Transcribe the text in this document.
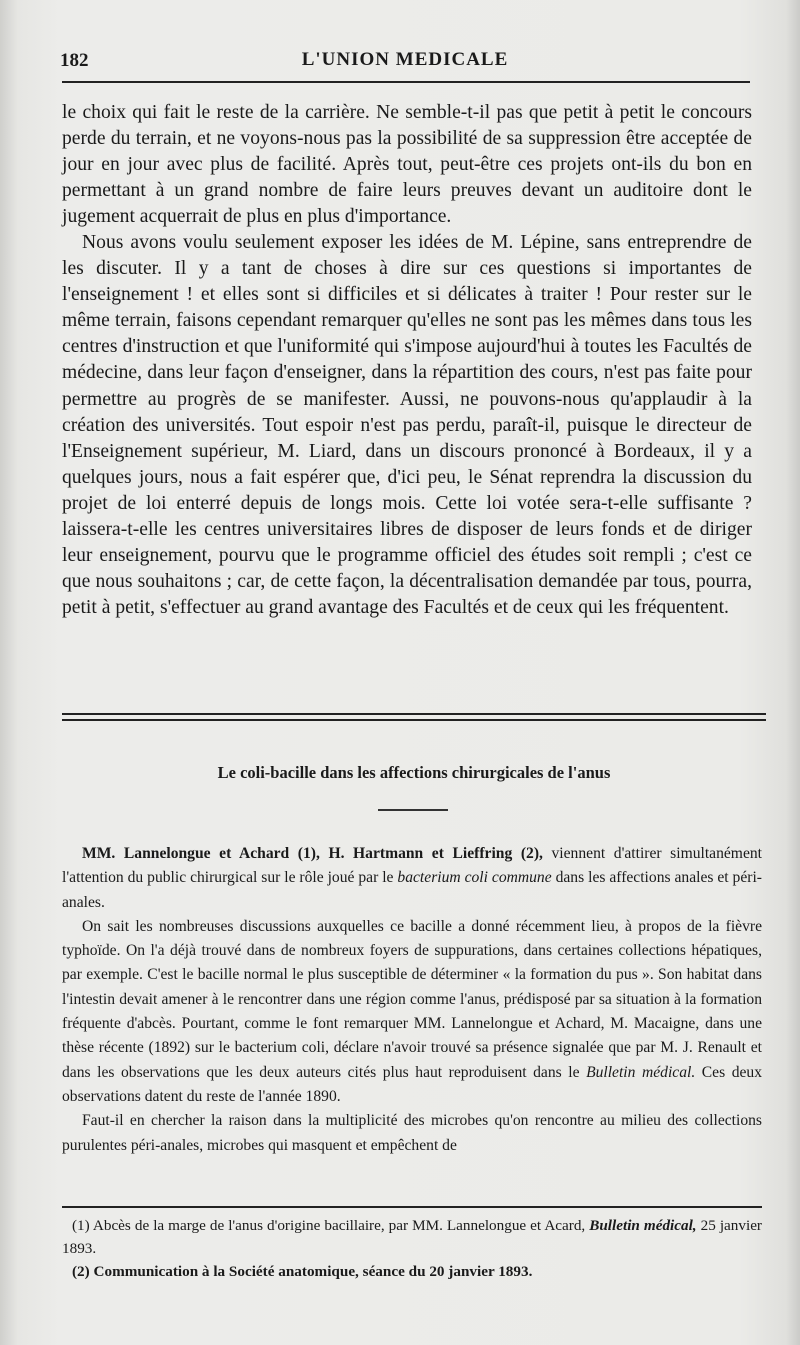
182	L'UNION MEDICALE

le choix qui fait le reste de la carrière. Ne semble-t-il pas que petit à petit le concours perde du terrain, et ne voyons-nous pas la possibilité de sa suppression être acceptée de jour en jour avec plus de facilité. Après tout, peut-être ces projets ont-ils du bon en permettant à un grand nombre de faire leurs preuves devant un auditoire dont le jugement acquerrait de plus en plus d'importance.

Nous avons voulu seulement exposer les idées de M. Lépine, sans entreprendre de les discuter. Il y a tant de choses à dire sur ces questions si importantes de l'enseignement ! et elles sont si difficiles et si délicates à traiter ! Pour rester sur le même terrain, faisons cependant remarquer qu'elles ne sont pas les mêmes dans tous les centres d'instruction et que l'uniformité qui s'impose aujourd'hui à toutes les Facultés de médecine, dans leur façon d'enseigner, dans la répartition des cours, n'est pas faite pour permettre au progrès de se manifester. Aussi, ne pouvons-nous qu'applaudir à la création des universités. Tout espoir n'est pas perdu, paraît-il, puisque le directeur de l'Enseignement supérieur, M. Liard, dans un discours prononcé à Bordeaux, il y a quelques jours, nous a fait espérer que, d'ici peu, le Sénat reprendra la discussion du projet de loi enterré depuis de longs mois. Cette loi votée sera-t-elle suffisante ? laissera-t-elle les centres universitaires libres de disposer de leurs fonds et de diriger leur enseignement, pourvu que le programme officiel des études soit rempli ; c'est ce que nous souhaitons ; car, de cette façon, la décentralisation demandée par tous, pourra, petit à petit, s'effectuer au grand avantage des Facultés et de ceux qui les fréquentent.

Le coli-bacille dans les affections chirurgicales de l'anus

MM. Lannelongue et Achard (1), H. Hartmann et Lieffring (2), viennent d'attirer simultanément l'attention du public chirurgical sur le rôle joué par le bacterium coli commune dans les affections anales et péri-anales.

On sait les nombreuses discussions auxquelles ce bacille a donné récemment lieu, à propos de la fièvre typhoïde. On l'a déjà trouvé dans de nombreux foyers de suppurations, dans certaines collections hépatiques, par exemple. C'est le bacille normal le plus susceptible de déterminer « la formation du pus ». Son habitat dans l'intestin devait amener à le rencontrer dans une région comme l'anus, prédisposé par sa situation à la formation fréquente d'abcès. Pourtant, comme le font remarquer MM. Lannelongue et Achard, M. Macaigne, dans une thèse récente (1892) sur le bacterium coli, déclare n'avoir trouvé sa présence signalée que par M. J. Renault et dans les observations que les deux auteurs cités plus haut reproduisent dans le Bulletin médical. Ces deux observations datent du reste de l'année 1890.

Faut-il en chercher la raison dans la multiplicité des microbes qu'on rencontre au milieu des collections purulentes péri-anales, microbes qui masquent et empêchent de

(1) Abcès de la marge de l'anus d'origine bacillaire, par MM. Lannelongue et Acard, Bulletin médical, 25 janvier 1893.

(2) Communication à la Société anatomique, séance du 20 janvier 1893.
